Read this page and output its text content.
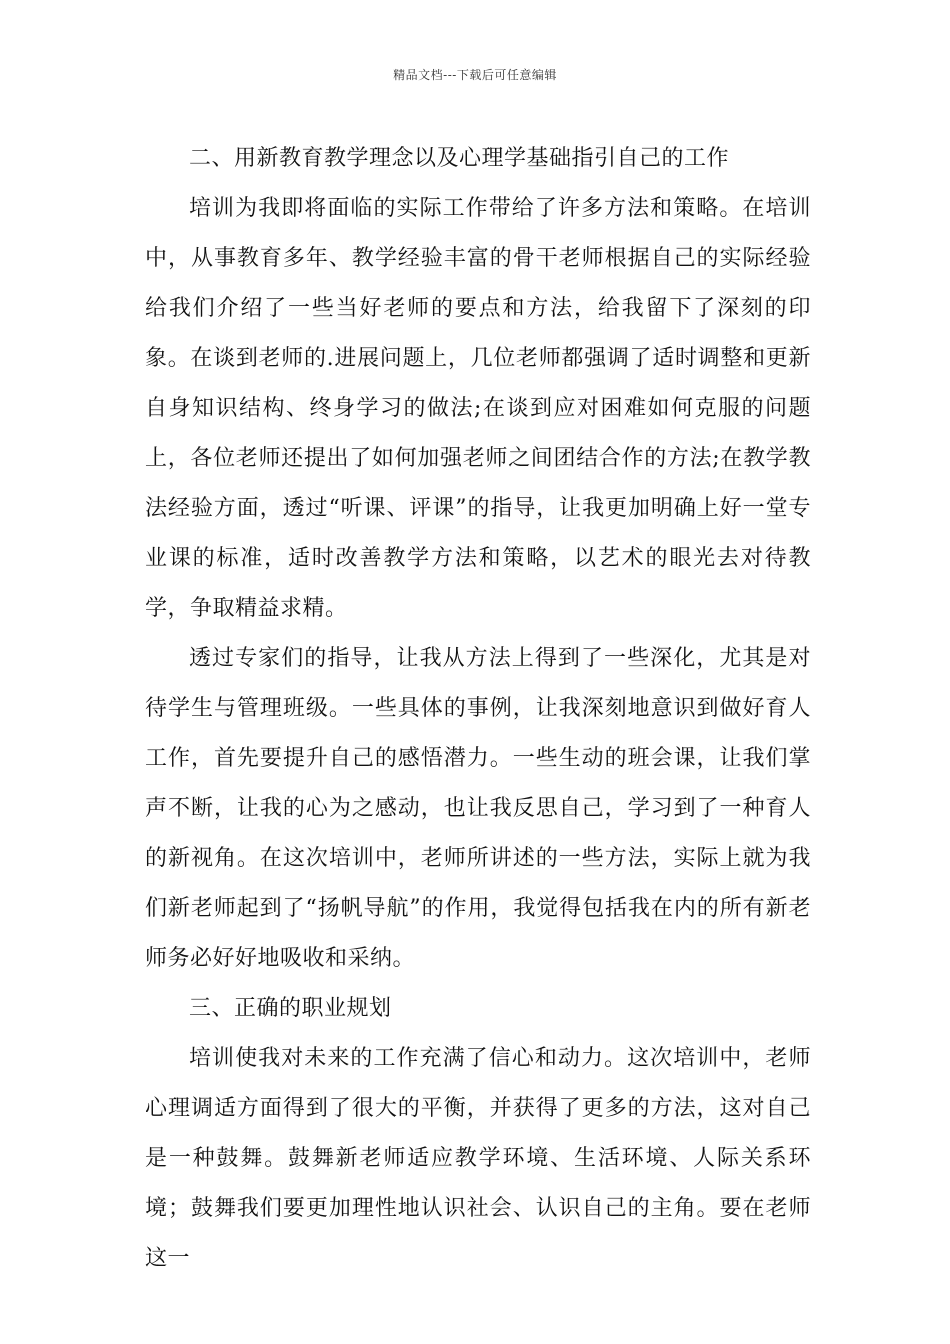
精品文档---下载后可任意编辑

二、用新教育教学理念以及心理学基础指引自己的工作

培训为我即将面临的实际工作带给了许多方法和策略。在培训中，从事教育多年、教学经验丰富的骨干老师根据自己的实际经验给我们介绍了一些当好老师的要点和方法，给我留下了深刻的印象。在谈到老师的.进展问题上，几位老师都强调了适时调整和更新自身知识结构、终身学习的做法;在谈到应对困难如何克服的问题上，各位老师还提出了如何加强老师之间团结合作的方法;在教学教法经验方面，透过“听课、评课”的指导，让我更加明确上好一堂专业课的标准，适时改善教学方法和策略，以艺术的眼光去对待教学，争取精益求精。

透过专家们的指导，让我从方法上得到了一些深化，尤其是对待学生与管理班级。一些具体的事例，让我深刻地意识到做好育人工作，首先要提升自己的感悟潜力。一些生动的班会课，让我们掌声不断，让我的心为之感动，也让我反思自己，学习到了一种育人的新视角。在这次培训中，老师所讲述的一些方法，实际上就为我们新老师起到了“扬帆导航”的作用，我觉得包括我在内的所有新老师务必好好地吸收和采纳。

三、正确的职业规划

培训使我对未来的工作充满了信心和动力。这次培训中，老师心理调适方面得到了很大的平衡，并获得了更多的方法，这对自己是一种鼓舞。鼓舞新老师适应教学环境、生活环境、人际关系环境；鼓舞我们要更加理性地认识社会、认识自己的主角。要在老师这一
